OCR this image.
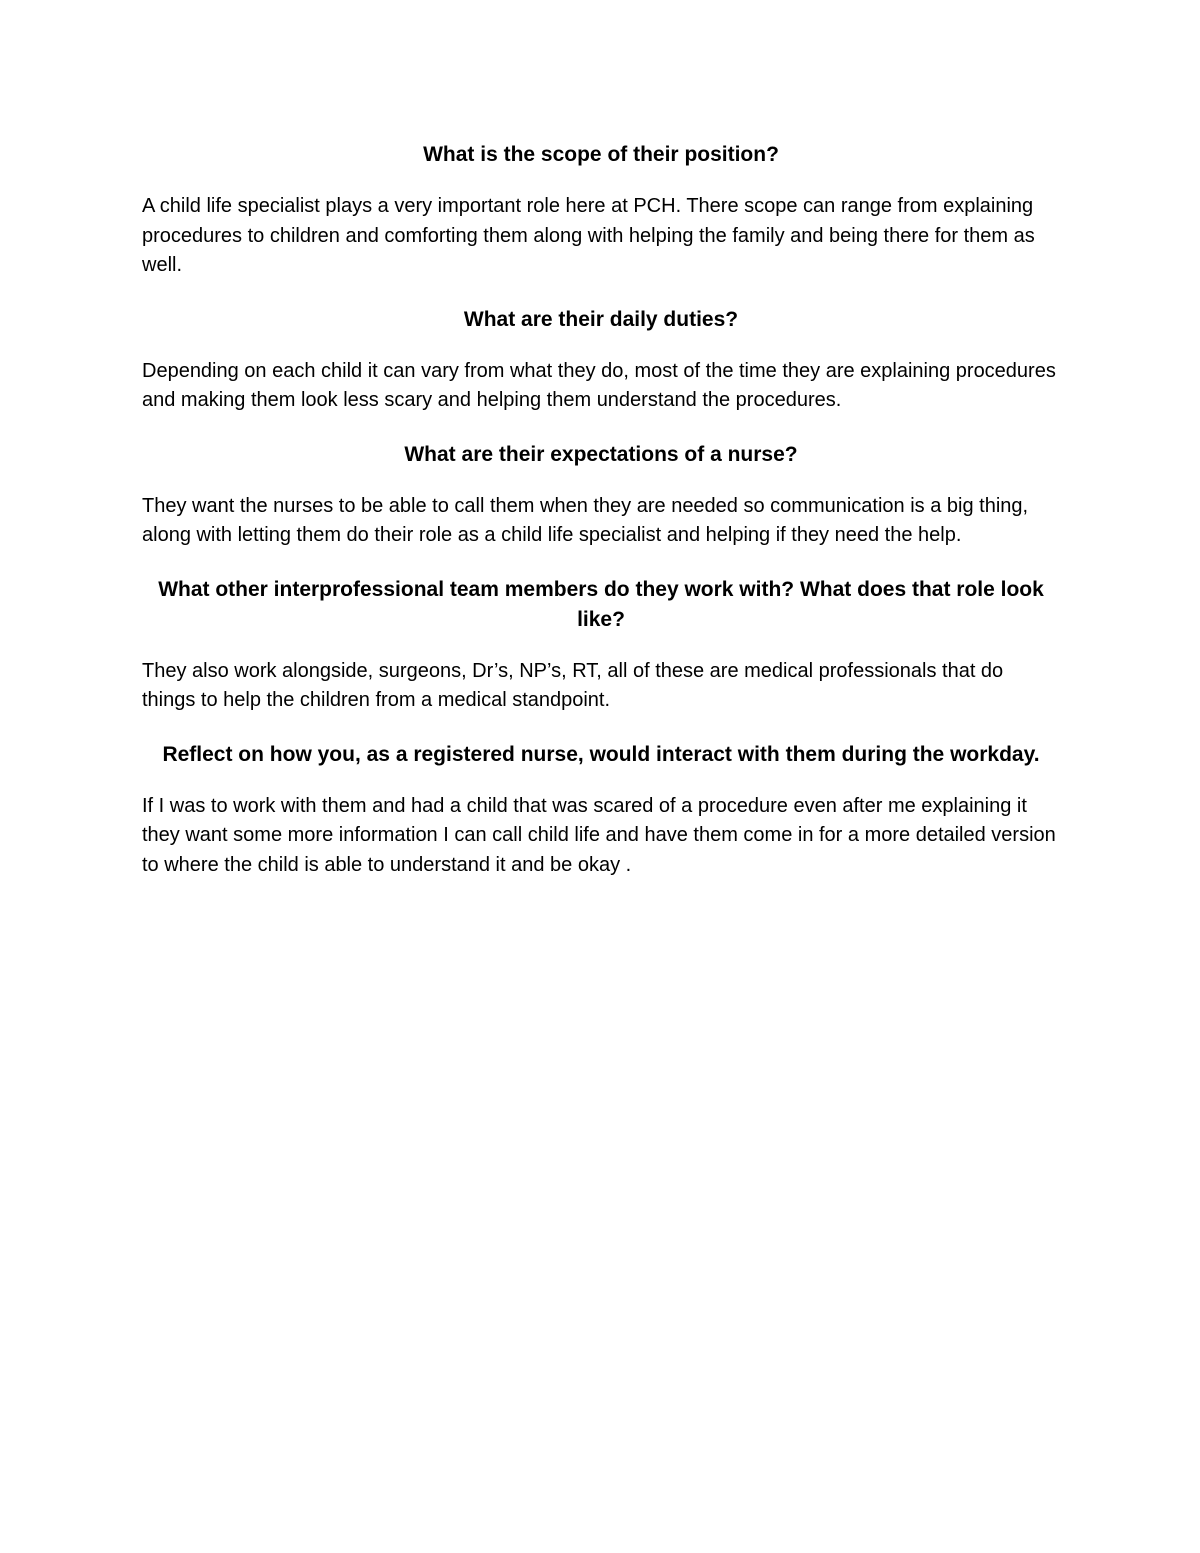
What is the scope of their position?

A child life specialist plays a very important role here at PCH. There scope can range from explaining procedures to children and comforting them along with helping the family and being there for them as well.

What are their daily duties?

Depending on each child it can vary from what they do, most of the time they are explaining procedures and making them look less scary and helping them understand the procedures.

What are their expectations of a nurse?

They want the nurses to be able to call them when they are needed so communication is a big thing, along with letting them do their role as a child life specialist and helping if they need the help.

What other interprofessional team members do they work with? What does that role look like?

They also work alongside, surgeons, Dr’s, NP’s, RT, all of these are medical professionals that do things to help the children from a medical standpoint.

Reflect on how you, as a registered nurse, would interact with them during the workday.

If I was to work with them and had a child that was scared of a procedure even after me explaining it they want some more information I can call child life and have them come in for a more detailed version to where the child is able to understand it and be okay .
